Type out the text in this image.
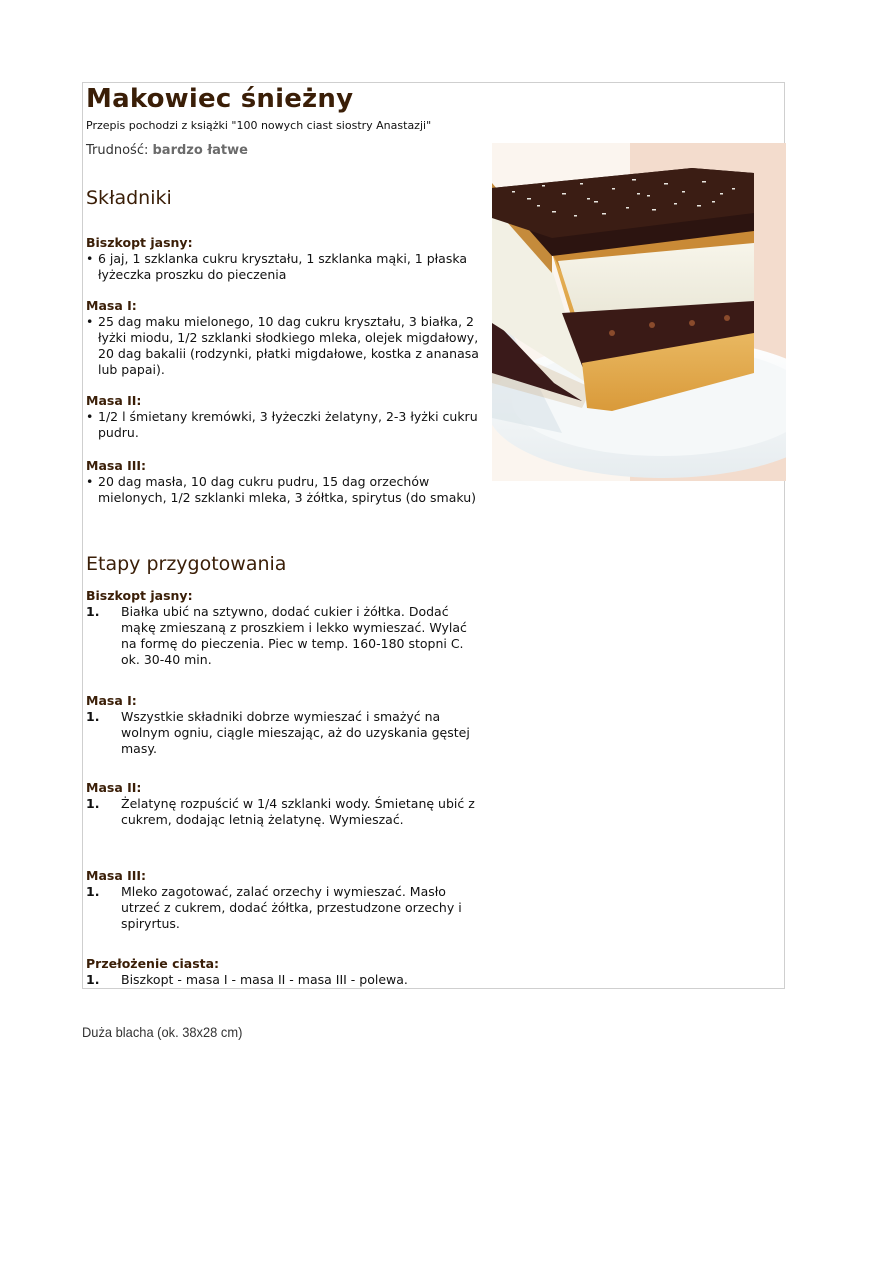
Makowiec śnieżny
Przepis pochodzi z książki "100 nowych ciast siostry Anastazji"
Trudność: bardzo łatwe
Składniki
Biszkopt jasny:
• 6 jaj, 1 szklanka cukru kryształu, 1 szklanka mąki, 1 płaska łyżeczka proszku do pieczenia
Masa I:
• 25 dag maku mielonego, 10 dag cukru kryształu, 3 białka, 2 łyżki miodu, 1/2 szklanki słodkiego mleka, olejek migdałowy, 20 dag bakalii (rodzynki, płatki migdałowe, kostka z ananasa lub papai).
Masa II:
• 1/2 l śmietany kremówki, 3 łyżeczki żelatyny, 2-3 łyżki cukru pudru.
Masa III:
• 20 dag masła, 10 dag cukru pudru, 15 dag orzechów mielonych, 1/2 szklanki mleka, 3 żółtka, spirytus (do smaku)
Etapy przygotowania
Biszkopt jasny:
1.	Białka ubić na sztywno, dodać cukier i żółtka. Dodać mąkę zmieszaną z proszkiem i lekko wymieszać. Wylać na formę do pieczenia. Piec w temp. 160-180 stopni C. ok. 30-40 min.
Masa I:
1.	Wszystkie składniki dobrze wymieszać i smażyć na wolnym ogniu, ciągle mieszając, aż do uzyskania gęstej masy.
Masa II:
1.	Żelatynę rozpuścić w 1/4 szklanki wody. Śmietanę ubić z cukrem, dodając letnią żelatynę. Wymieszać.
Masa III:
1.	Mleko zagotować, zalać orzechy i wymieszać. Masło utrzeć z cukrem, dodać żółtka, przestudzone orzechy i spiryrtus.
Przełożenie ciasta:
1.	Biszkopt - masa I - masa II - masa III - polewa.
Duża blacha (ok. 38x28 cm)
